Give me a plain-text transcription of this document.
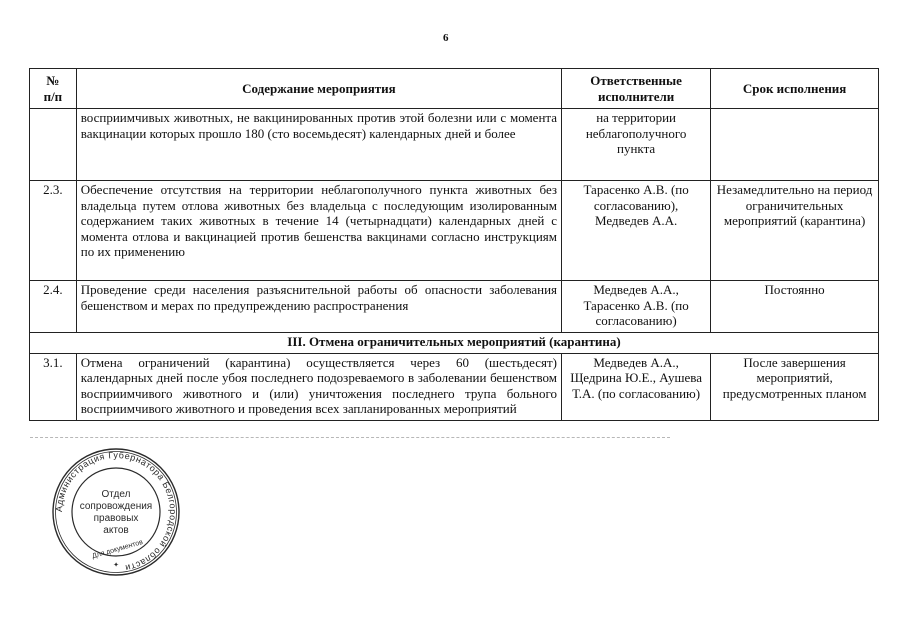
6
№ п/п	Содержание мероприятия	Ответственные исполнители	Срок исполнения
	восприимчивых животных, не вакцинированных против этой болезни или с момента вакцинации которых прошло 180 (сто восемьдесят) календарных дней и более	на территории неблагополучного пункта	
2.3.	Обеспечение отсутствия на территории неблагополучного пункта животных без владельца путем отлова животных без владельца с последующим изолированным содержанием таких животных в течение 14 (четырнадцати) календарных дней с момента отлова и вакцинацией против бешенства вакцинами согласно инструкциям по их применению	Тарасенко А.В. (по согласованию), Медведев А.А.	Незамедлительно на период ограничительных мероприятий (карантина)
2.4.	Проведение среди населения разъяснительной работы об опасности заболевания бешенством и мерах по предупреждению распространения	Медведев А.А., Тарасенко А.В. (по согласованию)	Постоянно
III. Отмена ограничительных мероприятий (карантина)			
3.1.	Отмена ограничений (карантина) осуществляется через 60 (шестьдесят) календарных дней после убоя последнего подозреваемого в заболевании бешенством восприимчивого животного и (или) уничтожения последнего трупа больного восприимчивого животного и проведения всех запланированных мероприятий	Медведев А.А., Щедрина Ю.Е., Аушева Т.А. (по согласованию)	После завершения мероприятий, предусмотренных планом
Администрация Губернатора Белгородской области
Отдел
сопровождения
правовых
актов
Для документов
✦
